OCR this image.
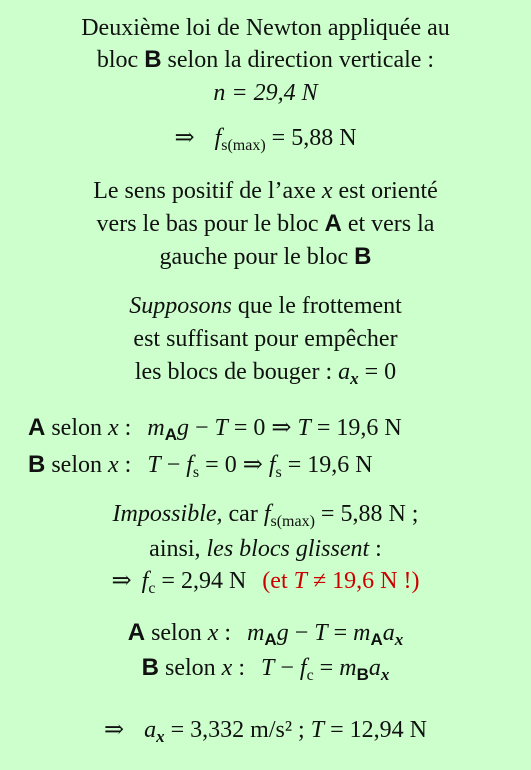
Deuxième loi de Newton appliquée au
bloc B selon la direction verticale :
n = 29,4 N
⇒ $f_{s(max)} = 5,88$ N
Le sens positif de l’axe x est orienté
vers le bas pour le bloc A et vers la
gauche pour le bloc B
Supposons que le frottement
est suffisant pour empêcher
les blocs de bouger : $a_x = 0$
A selon x : $m_Ag - T = 0$ ⇒ T = 19,6 N
B selon x : $T - f_s = 0$ ⇒ $f_s = 19,6$ N
Impossible, car $f_{s(max)} = 5,88$ N ;
ainsi, les blocs glissent :
⇒ $f_c = 2,94$ N (et T ≠ 19,6 N !)
A selon x : $m_Ag - T = m_Aa_x$
B selon x : $T - f_c = m_Ba_x$
⇒ $a_x = 3,332$ m/s² ; T = 12,94 N
